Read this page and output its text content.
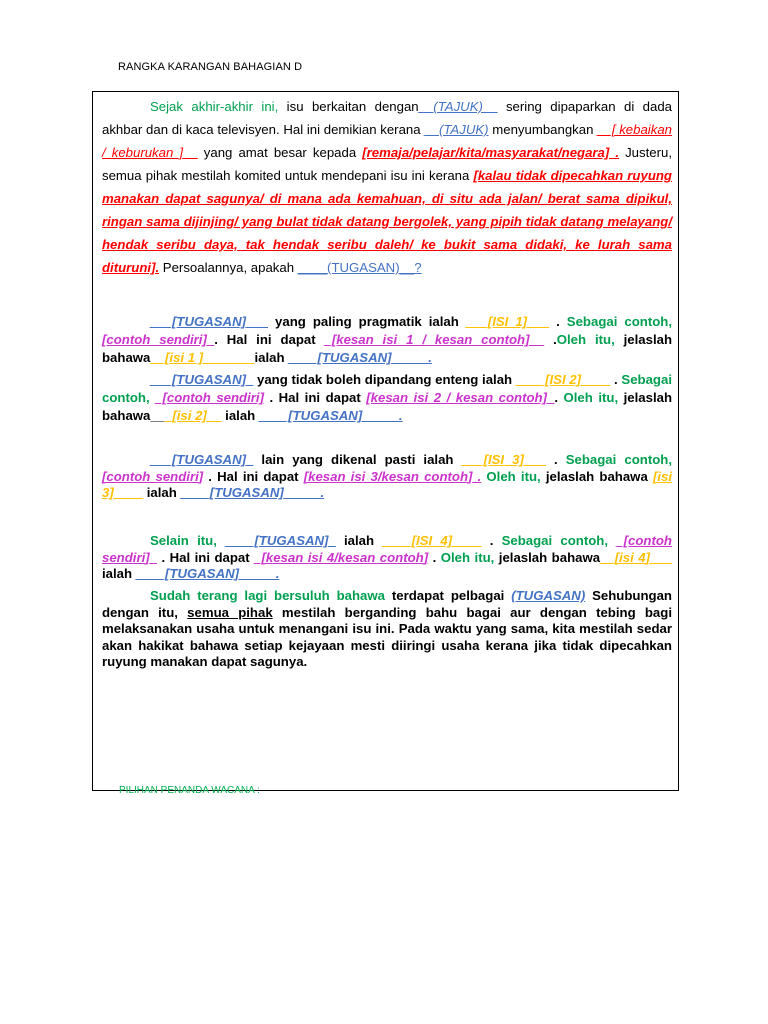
RANGKA KARANGAN BAHAGIAN D

Sejak akhir-akhir ini, isu berkaitan dengan__(TAJUK)__ sering dipaparkan di dada akhbar dan di kaca televisyen. Hal ini demikian kerana __(TAJUK) menyumbangkan __[ kebaikan / keburukan ]__ yang amat besar kepada [remaja/pelajar/kita/masyarakat/negara] . Justeru, semua pihak mestilah komited untuk mendepani isu ini kerana [kalau tidak dipecahkan ruyung manakan dapat sagunya/ di mana ada kemahuan, di situ ada jalan/ berat sama dipikul, ringan sama dijinjing/ yang bulat tidak datang bergolek, yang pipih tidak datang melayang/ hendak seribu daya, tak hendak seribu daleh/ ke bukit sama didaki, ke lurah sama dituruni]. Persoalannya, apakah ____(TUGASAN)__?

___[TUGASAN]___ yang paling pragmatik ialah ___[ISI 1]___ . Sebagai contoh, [contoh sendiri]_. Hal ini dapat _[kesan isi 1 / kesan contoh]__ .Oleh itu, jelaslah bahawa__[isi 1 ]_______ialah ____[TUGASAN]_____.

___[TUGASAN]_ yang tidak boleh dipandang enteng ialah ____[ISI 2]____ . Sebagai contoh, _[contoh sendiri] . Hal ini dapat [kesan isi 2 / kesan contoh]_. Oleh itu, jelaslah bahawa___[isi 2]__ ialah ____[TUGASAN]_____.

___[TUGASAN]_ lain yang dikenal pasti ialah ___[ISI 3]___ . Sebagai contoh, [contoh sendiri] . Hal ini dapat [kesan isi 3/kesan contoh] . Oleh itu, jelaslah bahawa [isi 3]____ ialah ____[TUGASAN]_____.

Selain itu, ____[TUGASAN]_ ialah ____[ISI 4]____ . Sebagai contoh, _[contoh sendiri]_ . Hal ini dapat _[kesan isi 4/kesan contoh] . Oleh itu, jelaslah bahawa__[isi 4]___ ialah ____[TUGASAN]_____.

Sudah terang lagi bersuluh bahawa terdapat pelbagai (TUGASAN) Sehubungan dengan itu, semua pihak mestilah berganding bahu bagai aur dengan tebing bagi melaksanakan usaha untuk menangani isu ini. Pada waktu yang sama, kita mestilah sedar akan hakikat bahawa setiap kejayaan mesti diiringi usaha kerana jika tidak dipecahkan ruyung manakan dapat sagunya.

PILIHAN PENANDA WACANA :
